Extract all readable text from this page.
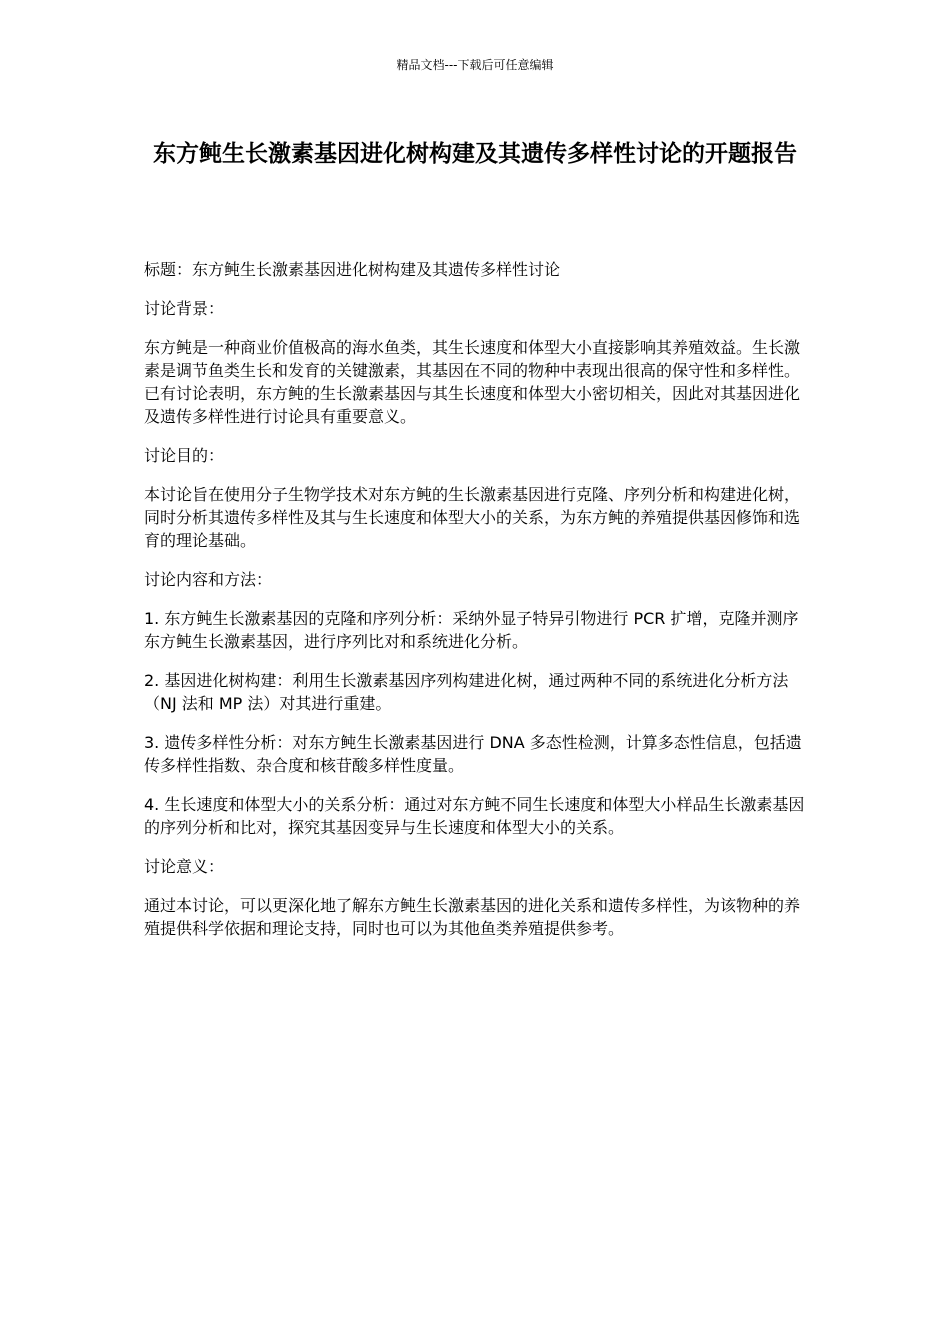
精品文档---下载后可任意编辑
东方鲀生长激素基因进化树构建及其遗传多样性讨论的开题报告

标题：东方鲀生长激素基因进化树构建及其遗传多样性讨论

讨论背景：

东方鲀是一种商业价值极高的海水鱼类，其生长速度和体型大小直接影响其养殖效益。生长激素是调节鱼类生长和发育的关键激素，其基因在不同的物种中表现出很高的保守性和多样性。已有讨论表明，东方鲀的生长激素基因与其生长速度和体型大小密切相关，因此对其基因进化及遗传多样性进行讨论具有重要意义。

讨论目的：

本讨论旨在使用分子生物学技术对东方鲀的生长激素基因进行克隆、序列分析和构建进化树，同时分析其遗传多样性及其与生长速度和体型大小的关系，为东方鲀的养殖提供基因修饰和选育的理论基础。

讨论内容和方法：

1. 东方鲀生长激素基因的克隆和序列分析：采纳外显子特异引物进行 PCR 扩增，克隆并测序东方鲀生长激素基因，进行序列比对和系统进化分析。

2. 基因进化树构建：利用生长激素基因序列构建进化树，通过两种不同的系统进化分析方法（NJ 法和 MP 法）对其进行重建。

3. 遗传多样性分析：对东方鲀生长激素基因进行 DNA 多态性检测，计算多态性信息，包括遗传多样性指数、杂合度和核苷酸多样性度量。

4. 生长速度和体型大小的关系分析：通过对东方鲀不同生长速度和体型大小样品生长激素基因的序列分析和比对，探究其基因变异与生长速度和体型大小的关系。

讨论意义：

通过本讨论，可以更深化地了解东方鲀生长激素基因的进化关系和遗传多样性，为该物种的养殖提供科学依据和理论支持，同时也可以为其他鱼类养殖提供参考。
